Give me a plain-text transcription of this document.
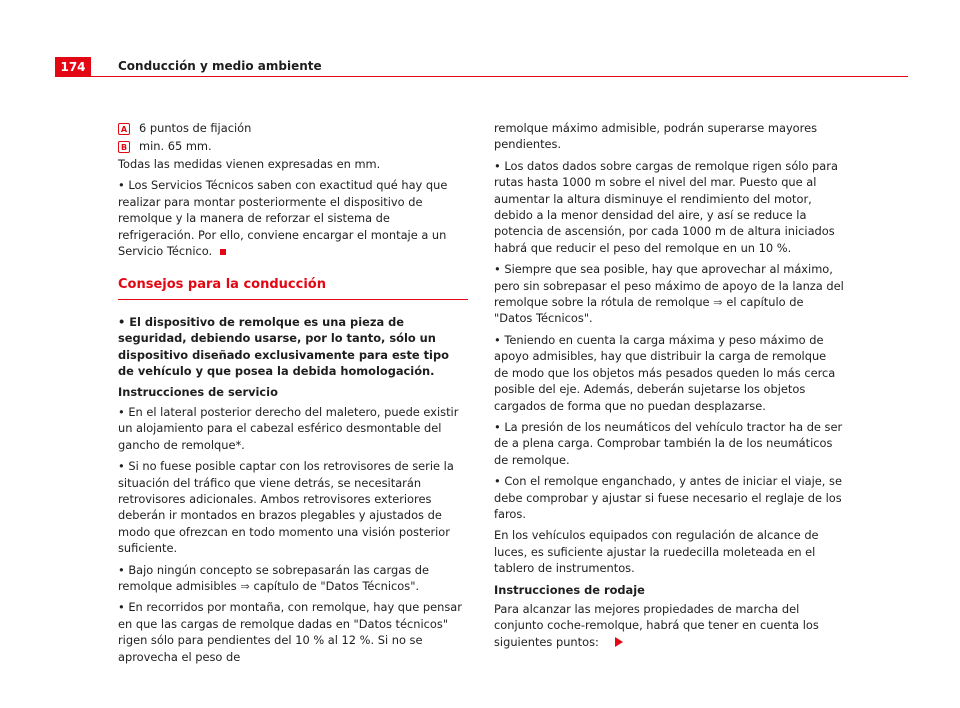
174	Conducción y medio ambiente
A 6 puntos de fijación
B min. 65 mm.

Todas las medidas vienen expresadas en mm.

• Los Servicios Técnicos saben con exactitud qué hay que realizar para montar posteriormente el dispositivo de remolque y la manera de reforzar el sistema de refrigeración. Por ello, conviene encargar el montaje a un Servicio Técnico.

Consejos para la conducción

• El dispositivo de remolque es una pieza de seguridad, debiendo usarse, por lo tanto, sólo un dispositivo diseñado exclusivamente para este tipo de vehículo y que posea la debida homologación.

Instrucciones de servicio

• En el lateral posterior derecho del maletero, puede existir un alojamiento para el cabezal esférico desmontable del gancho de remolque*.

• Si no fuese posible captar con los retrovisores de serie la situación del tráfico que viene detrás, se necesitarán retrovisores adicionales. Ambos retrovisores exteriores deberán ir montados en brazos plegables y ajustados de modo que ofrezcan en todo momento una visión posterior suficiente.

• Bajo ningún concepto se sobrepasarán las cargas de remolque admisibles ⇒ capítulo de "Datos Técnicos".

• En recorridos por montaña, con remolque, hay que pensar en que las cargas de remolque dadas en "Datos técnicos" rigen sólo para pendientes del 10 % al 12 %. Si no se aprovecha el peso de

remolque máximo admisible, podrán superarse mayores pendientes.

• Los datos dados sobre cargas de remolque rigen sólo para rutas hasta 1000 m sobre el nivel del mar. Puesto que al aumentar la altura disminuye el rendimiento del motor, debido a la menor densidad del aire, y así se reduce la potencia de ascensión, por cada 1000 m de altura iniciados habrá que reducir el peso del remolque en un 10 %.

• Siempre que sea posible, hay que aprovechar al máximo, pero sin sobrepasar el peso máximo de apoyo de la lanza del remolque sobre la rótula de remolque ⇒ el capítulo de "Datos Técnicos".

• Teniendo en cuenta la carga máxima y peso máximo de apoyo admisibles, hay que distribuir la carga de remolque de modo que los objetos más pesados queden lo más cerca posible del eje. Además, deberán sujetarse los objetos cargados de forma que no puedan desplazarse.

• La presión de los neumáticos del vehículo tractor ha de ser de a plena carga. Comprobar también la de los neumáticos de remolque.

• Con el remolque enganchado, y antes de iniciar el viaje, se debe comprobar y ajustar si fuese necesario el reglaje de los faros.

En los vehículos equipados con regulación de alcance de luces, es suficiente ajustar la ruedecilla moleteada en el tablero de instrumentos.

Instrucciones de rodaje

Para alcanzar las mejores propiedades de marcha del conjunto coche-remolque, habrá que tener en cuenta los siguientes puntos:
